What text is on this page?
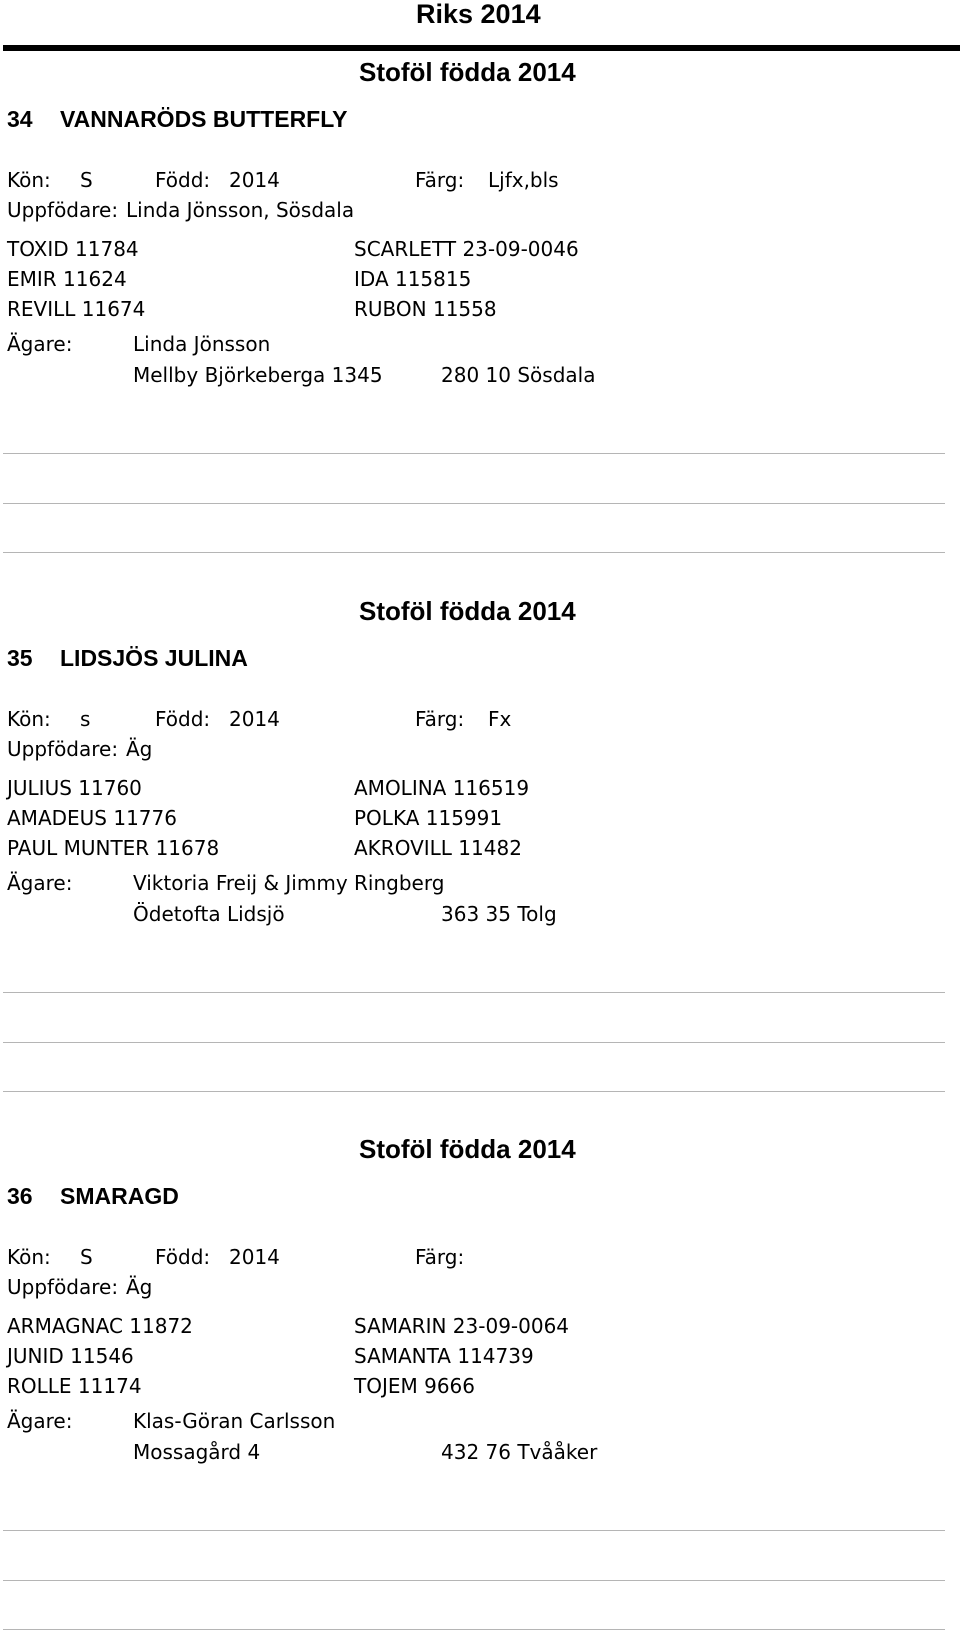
Riks 2014
Stoföl födda 2014
34 VANNARÖDS BUTTERFLY
Kön: S	Född: 2014	Färg: Ljfx,bls
Uppfödare: Linda Jönsson, Sösdala
TOXID 11784	SCARLETT 23-09-0046
EMIR 11624	IDA 115815
REVILL 11674	RUBON 11558
Ägare:	Linda Jönsson
Mellby Björkeberga 1345	280 10 Sösdala
Stoföl födda 2014
35 LIDSJÖS JULINA
Kön: s	Född: 2014	Färg: Fx
Uppfödare: Äg
JULIUS 11760	AMOLINA 116519
AMADEUS 11776	POLKA 115991
PAUL MUNTER 11678	AKROVILL 11482
Ägare:	Viktoria Freij & Jimmy Ringberg
Ödetofta Lidsjö	363 35 Tolg
Stoföl födda 2014
36 SMARAGD
Kön: S	Född: 2014	Färg:
Uppfödare: Äg
ARMAGNAC 11872	SAMARIN 23-09-0064
JUNID 11546	SAMANTA 114739
ROLLE 11174	TOJEM 9666
Ägare:	Klas-Göran Carlsson
Mossagård 4	432 76 Tvååker
